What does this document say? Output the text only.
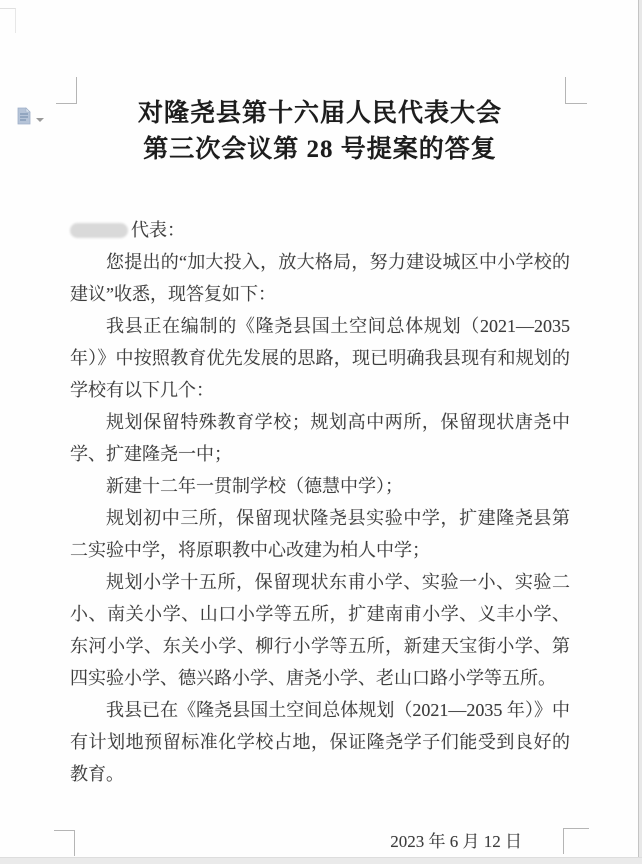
对隆尧县第十六届人民代表大会
第三次会议第 28 号提案的答复

代表：

您提出的“加大投入，放大格局，努力建设城区中小学校的建议”收悉，现答复如下：

我县正在编制的《隆尧县国土空间总体规划（2021—2035 年）》中按照教育优先发展的思路，现已明确我县现有和规划的学校有以下几个：

规划保留特殊教育学校；规划高中两所，保留现状唐尧中学、扩建隆尧一中；

新建十二年一贯制学校（德慧中学）；

规划初中三所，保留现状隆尧县实验中学，扩建隆尧县第二实验中学，将原职教中心改建为柏人中学；

规划小学十五所，保留现状东甫小学、实验一小、实验二小、南关小学、山口小学等五所，扩建南甫小学、义丰小学、东河小学、东关小学、柳行小学等五所，新建天宝街小学、第四实验小学、德兴路小学、唐尧小学、老山口路小学等五所。

我县已在《隆尧县国土空间总体规划（2021—2035 年）》中有计划地预留标准化学校占地，保证隆尧学子们能受到良好的教育。

2023 年 6 月 12 日
